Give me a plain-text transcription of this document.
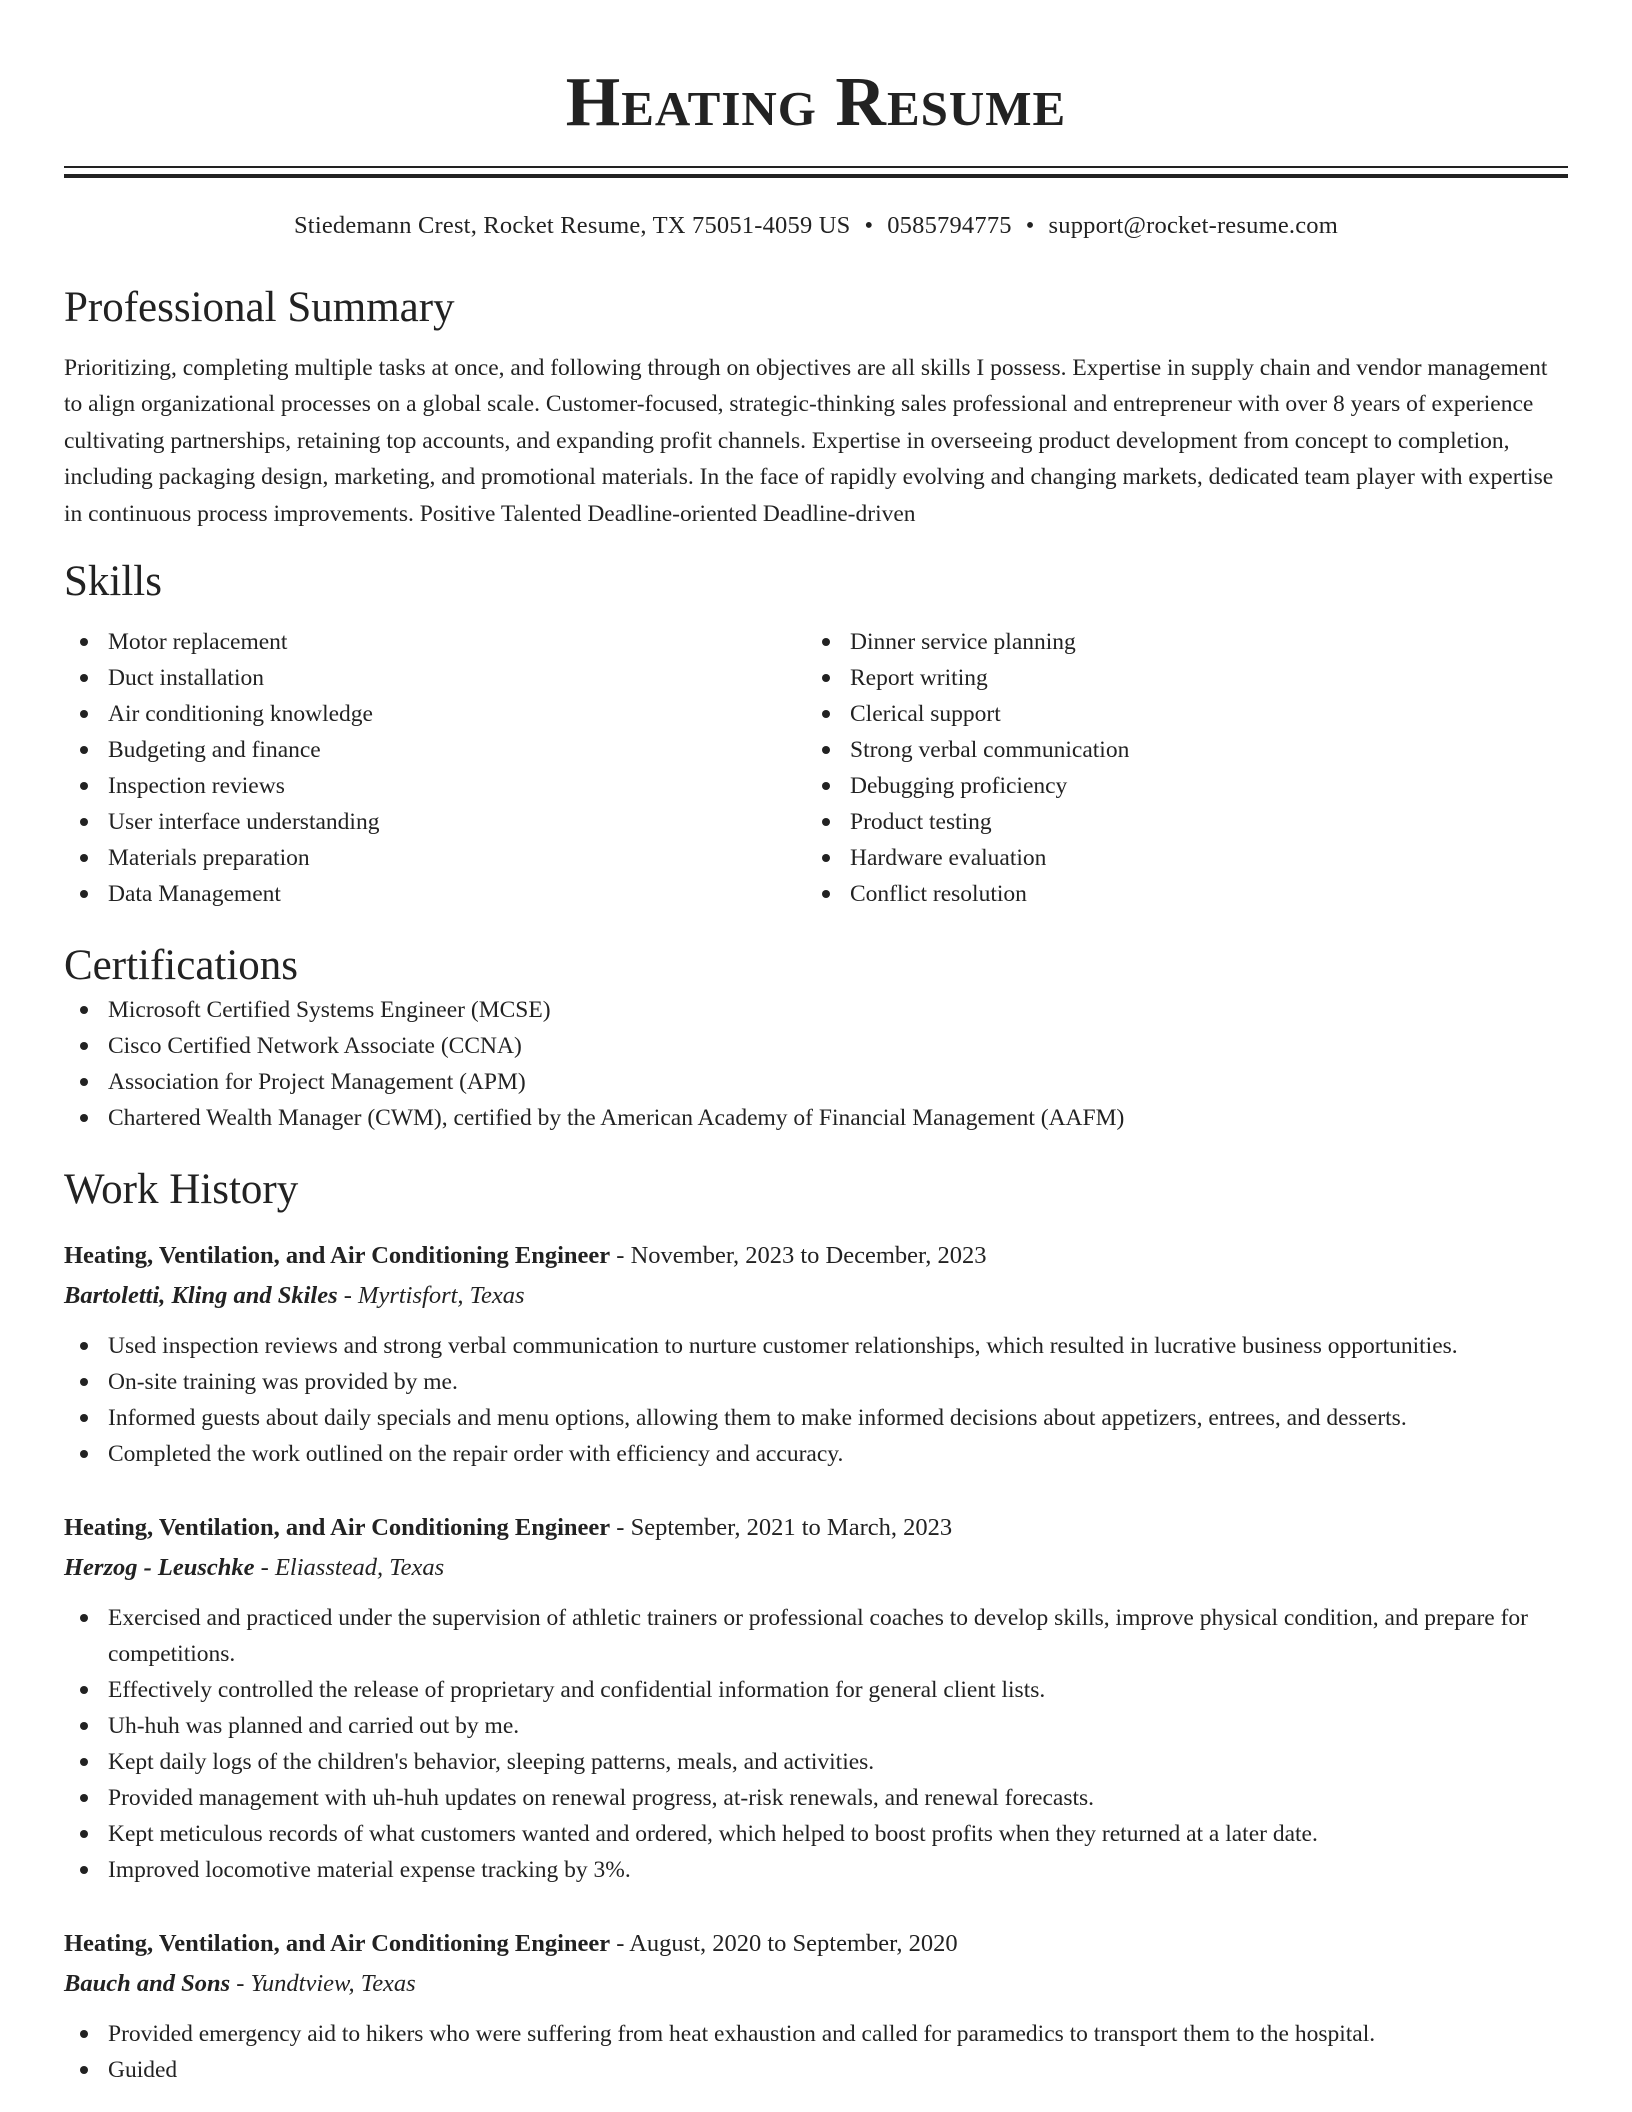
Heating Resume
Stiedemann Crest, Rocket Resume, TX 75051-4059 US • 0585794775 • support@rocket-resume.com
Professional Summary

Prioritizing, completing multiple tasks at once, and following through on objectives are all skills I possess. Expertise in supply chain and vendor management to align organizational processes on a global scale. Customer-focused, strategic-thinking sales professional and entrepreneur with over 8 years of experience cultivating partnerships, retaining top accounts, and expanding profit channels. Expertise in overseeing product development from concept to completion, including packaging design, marketing, and promotional materials. In the face of rapidly evolving and changing markets, dedicated team player with expertise in continuous process improvements. Positive Talented Deadline-oriented Deadline-driven

Skills
Motor replacement
Duct installation
Air conditioning knowledge
Budgeting and finance
Inspection reviews
User interface understanding
Materials preparation
Data Management
Dinner service planning
Report writing
Clerical support
Strong verbal communication
Debugging proficiency
Product testing
Hardware evaluation
Conflict resolution
Certifications
Microsoft Certified Systems Engineer (MCSE)
Cisco Certified Network Associate (CCNA)
Association for Project Management (APM)
Chartered Wealth Manager (CWM), certified by the American Academy of Financial Management (AAFM)
Work History
Heating, Ventilation, and Air Conditioning Engineer - November, 2023 to December, 2023
Bartoletti, Kling and Skiles - Myrtisfort, Texas
Used inspection reviews and strong verbal communication to nurture customer relationships, which resulted in lucrative business opportunities.
On-site training was provided by me.
Informed guests about daily specials and menu options, allowing them to make informed decisions about appetizers, entrees, and desserts.
Completed the work outlined on the repair order with efficiency and accuracy.
Heating, Ventilation, and Air Conditioning Engineer - September, 2021 to March, 2023
Herzog - Leuschke - Eliasstead, Texas
Exercised and practiced under the supervision of athletic trainers or professional coaches to develop skills, improve physical condition, and prepare for competitions.
Effectively controlled the release of proprietary and confidential information for general client lists.
Uh-huh was planned and carried out by me.
Kept daily logs of the children's behavior, sleeping patterns, meals, and activities.
Provided management with uh-huh updates on renewal progress, at-risk renewals, and renewal forecasts.
Kept meticulous records of what customers wanted and ordered, which helped to boost profits when they returned at a later date.
Improved locomotive material expense tracking by 3%.
Heating, Ventilation, and Air Conditioning Engineer - August, 2020 to September, 2020
Bauch and Sons - Yundtview, Texas
Provided emergency aid to hikers who were suffering from heat exhaustion and called for paramedics to transport them to the hospital.
Guided
